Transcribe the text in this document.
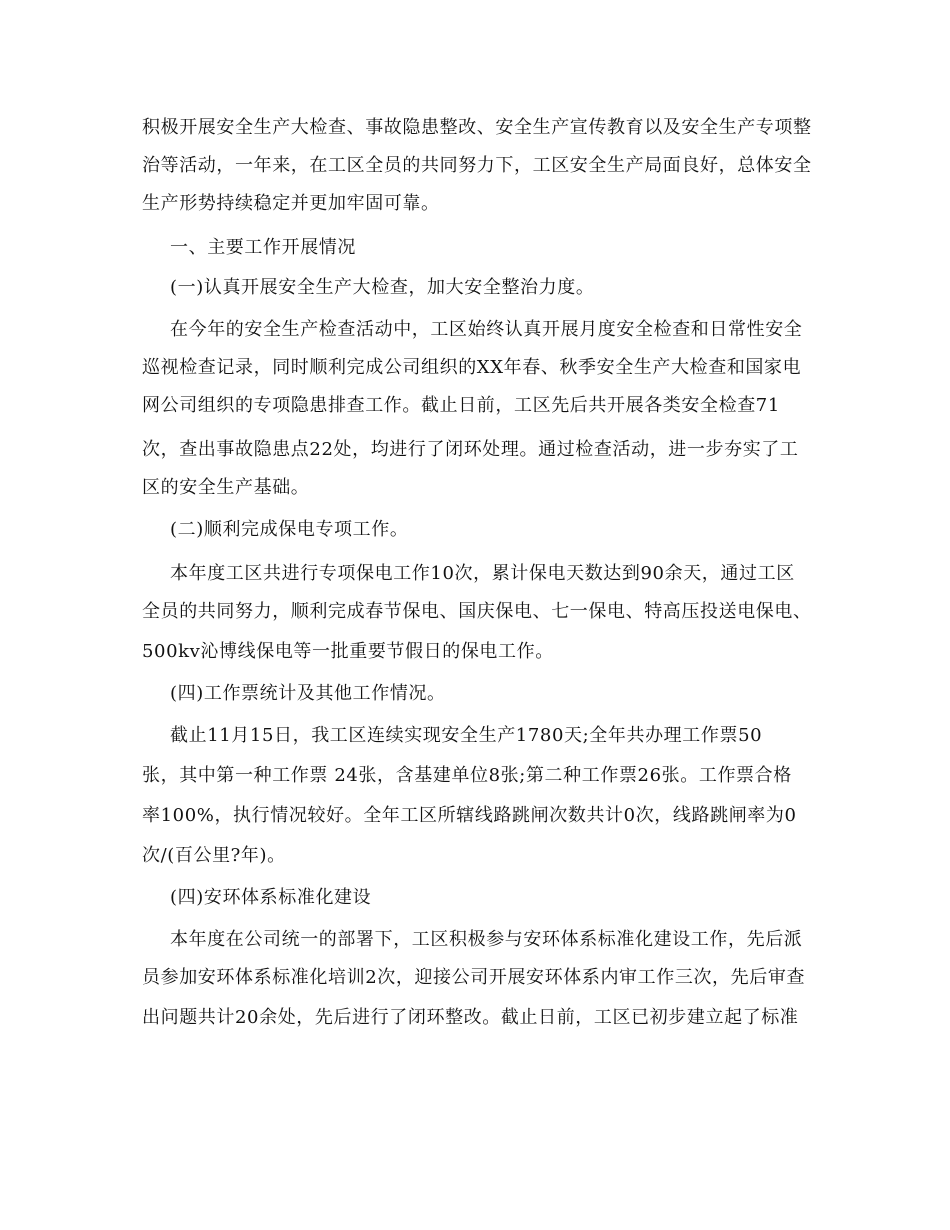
积极开展安全生产大检查、事故隐患整改、安全生产宣传教育以及安全生产专项整
治等活动，一年来，在工区全员的共同努力下，工区安全生产局面良好，总体安全
生产形势持续稳定并更加牢固可靠。
一、主要工作开展情况
(一)认真开展安全生产大检查，加大安全整治力度。
在今年的安全生产检查活动中，工区始终认真开展月度安全检查和日常性安全
巡视检查记录，同时顺利完成公司组织的XX年春、秋季安全生产大检查和国家电
网公司组织的专项隐患排查工作。截止日前，工区先后共开展各类安全检查71
次，查出事故隐患点22处，均进行了闭环处理。通过检查活动，进一步夯实了工
区的安全生产基础。
(二)顺利完成保电专项工作。
本年度工区共进行专项保电工作10次，累计保电天数达到90余天，通过工区
全员的共同努力，顺利完成春节保电、国庆保电、七一保电、特高压投送电保电、
500kv沁博线保电等一批重要节假日的保电工作。
(四)工作票统计及其他工作情况。
截止11月15日，我工区连续实现安全生产1780天;全年共办理工作票50
张，其中第一种工作票 24张，含基建单位8张;第二种工作票26张。工作票合格
率100%，执行情况较好。全年工区所辖线路跳闸次数共计0次，线路跳闸率为0
次/(百公里?年)。
(四)安环体系标准化建设
本年度在公司统一的部署下，工区积极参与安环体系标准化建设工作，先后派
员参加安环体系标准化培训2次，迎接公司开展安环体系内审工作三次，先后审查
出问题共计20余处，先后进行了闭环整改。截止日前，工区已初步建立起了标准
